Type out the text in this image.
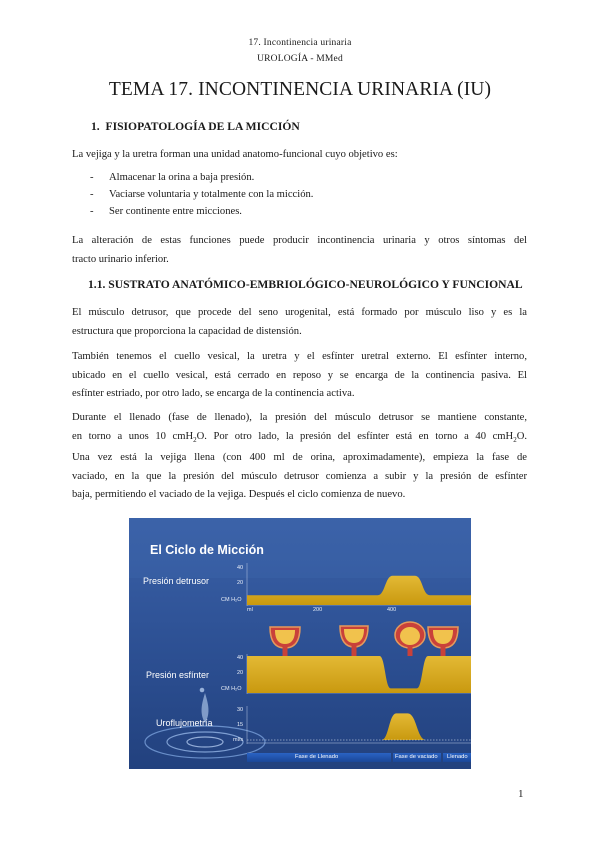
17. Incontinencia urinaria
UROLOGÍA - MMed
TEMA 17. INCONTINENCIA URINARIA (IU)
1. FISIOPATOLOGÍA DE LA MICCIÓN
La vejiga y la uretra forman una unidad anatomo-funcional cuyo objetivo es:
- Almacenar la orina a baja presión.
- Vaciarse voluntaria y totalmente con la micción.
- Ser continente entre micciones.
La alteración de estas funciones puede producir incontinencia urinaria y otros síntomas del
tracto urinario inferior.
1.1. SUSTRATO ANATÓMICO-EMBRIOLÓGICO-NEUROLÓGICO Y FUNCIONAL
El músculo detrusor, que procede del seno urogenital, está formado por músculo liso y es la
estructura que proporciona la capacidad de distensión.
También tenemos el cuello vesical, la uretra y el esfínter uretral externo. El esfínter interno,
ubicado en el cuello vesical, está cerrado en reposo y se encarga de la continencia pasiva. El
esfínter estriado, por otro lado, se encarga de la continencia activa.
Durante el llenado (fase de llenado), la presión del músculo detrusor se mantiene constante,
en torno a unos 10 cmH$_2$O. Por otro lado, la presión del esfínter está en torno a 40 cmH$_2$O.
Una vez está la vejiga llena (con 400 ml de orina, aproximadamente), empieza la fase de
vaciado, en la que la presión del músculo detrusor comienza a subir y la presión de esfínter
baja, permitiendo el vaciado de la vejiga. Después el ciclo comienza de nuevo.
El Ciclo de Micción
Presión detrusor
Presión esfínter
Uroflujometría
40
20
CM H₂O
ml	200	400
40
20
CM H₂O
30
15
ml/s
Fase de Llenado	Fase de vaciado Llenado
1
